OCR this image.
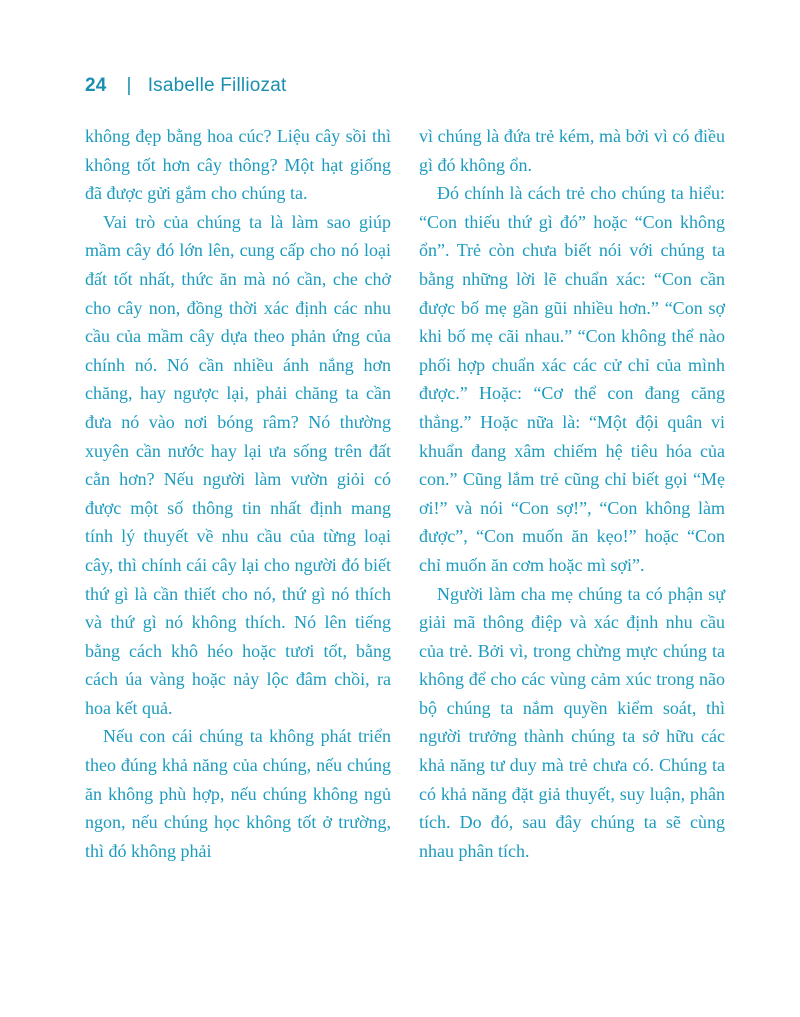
24 | Isabelle Filliozat

không đẹp bằng hoa cúc? Liệu cây sồi thì không tốt hơn cây thông? Một hạt giống đã được gửi gắm cho chúng ta.

Vai trò của chúng ta là làm sao giúp mầm cây đó lớn lên, cung cấp cho nó loại đất tốt nhất, thức ăn mà nó cần, che chở cho cây non, đồng thời xác định các nhu cầu của mầm cây dựa theo phản ứng của chính nó. Nó cần nhiều ánh nắng hơn chăng, hay ngược lại, phải chăng ta cần đưa nó vào nơi bóng râm? Nó thường xuyên cần nước hay lại ưa sống trên đất cằn hơn? Nếu người làm vườn giỏi có được một số thông tin nhất định mang tính lý thuyết về nhu cầu của từng loại cây, thì chính cái cây lại cho người đó biết thứ gì là cần thiết cho nó, thứ gì nó thích và thứ gì nó không thích. Nó lên tiếng bằng cách khô héo hoặc tươi tốt, bằng cách úa vàng hoặc nảy lộc đâm chồi, ra hoa kết quả.

Nếu con cái chúng ta không phát triển theo đúng khả năng của chúng, nếu chúng ăn không phù hợp, nếu chúng không ngủ ngon, nếu chúng học không tốt ở trường, thì đó không phải

vì chúng là đứa trẻ kém, mà bởi vì có điều gì đó không ổn.

Đó chính là cách trẻ cho chúng ta hiểu: “Con thiếu thứ gì đó” hoặc “Con không ổn”. Trẻ còn chưa biết nói với chúng ta bằng những lời lẽ chuẩn xác: “Con cần được bố mẹ gần gũi nhiều hơn.” “Con sợ khi bố mẹ cãi nhau.” “Con không thể nào phối hợp chuẩn xác các cử chỉ của mình được.” Hoặc: “Cơ thể con đang căng thẳng.” Hoặc nữa là: “Một đội quân vi khuẩn đang xâm chiếm hệ tiêu hóa của con.” Cũng lắm trẻ cũng chỉ biết gọi “Mẹ ơi!” và nói “Con sợ!”, “Con không làm được”, “Con muốn ăn kẹo!” hoặc “Con chỉ muốn ăn cơm hoặc mì sợi”.

Người làm cha mẹ chúng ta có phận sự giải mã thông điệp và xác định nhu cầu của trẻ. Bởi vì, trong chừng mực chúng ta không để cho các vùng cảm xúc trong não bộ chúng ta nắm quyền kiểm soát, thì người trưởng thành chúng ta sở hữu các khả năng tư duy mà trẻ chưa có. Chúng ta có khả năng đặt giả thuyết, suy luận, phân tích. Do đó, sau đây chúng ta sẽ cùng nhau phân tích.
